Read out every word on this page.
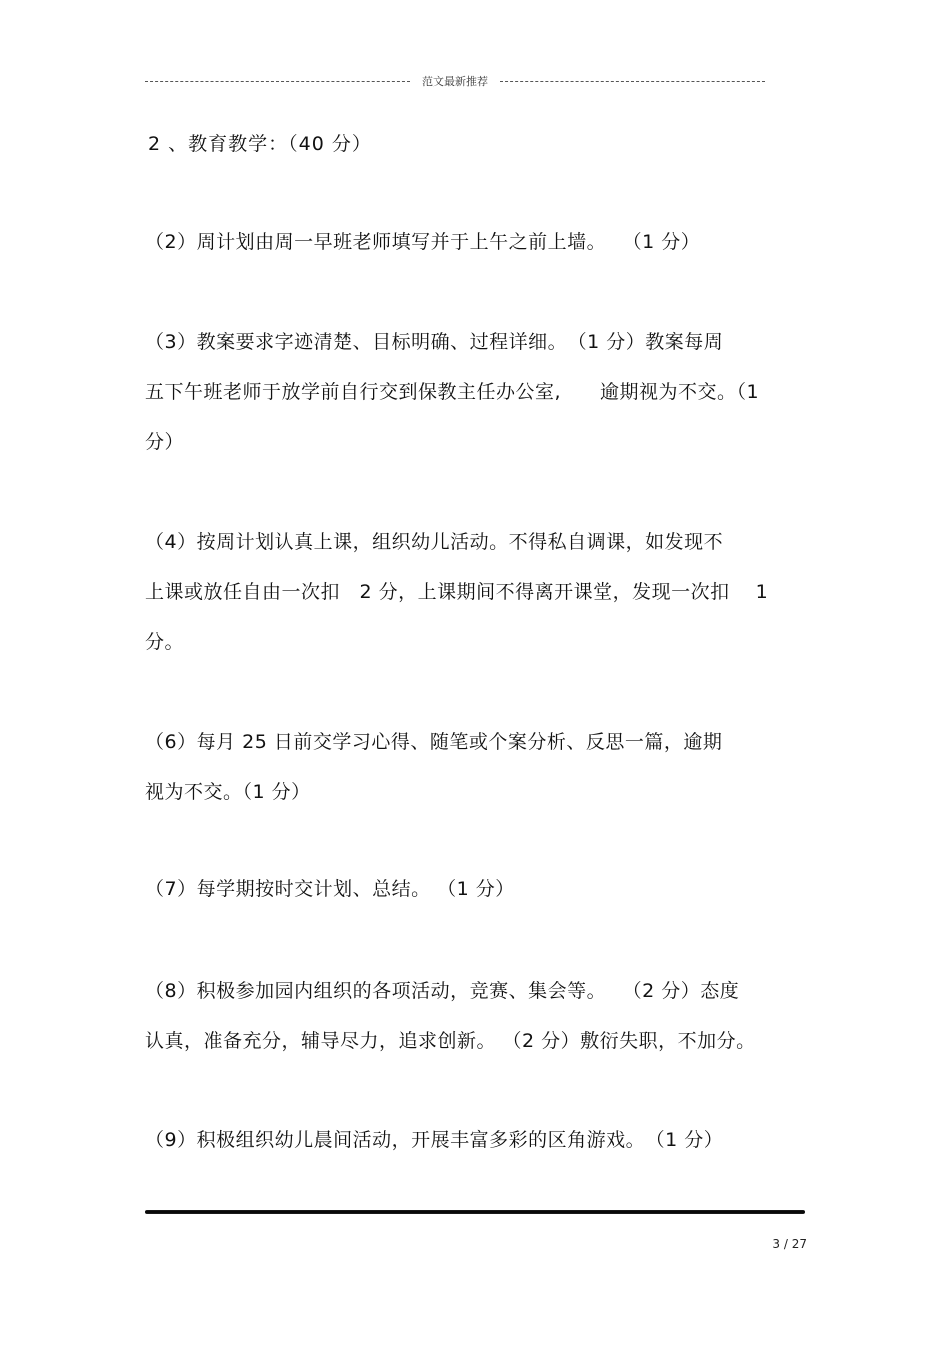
范文最新推荐
2 、教育教学：（40 分）
（2）周计划由周一早班老师填写并于上午之前上墙。　 （1 分）
（3）教案要求字迹清楚、目标明确、过程详细。　（1 分）教案每周
五下午班老师于放学前自行交到保教主任办公室,　　逾期视为不交。（1
分）
（4）按周计划认真上课，组织幼儿活动。不得私自调课，如发现不
上课或放任自由一次扣　2 分，上课期间不得离开课堂，发现一次扣　 1
分。
（6）每月 25 日前交学习心得、随笔或个案分析、反思一篇，逾期
视为不交。（1 分）
（7）每学期按时交计划、总结。 （1 分）
（8）积极参加园内组织的各项活动，竞赛、集会等。　 （2 分）态度
认真，准备充分，辅导尽力，追求创新。 （2 分）敷衍失职，不加分。
（9）积极组织幼儿晨间活动，开展丰富多彩的区角游戏。　（1 分）
3 / 27
